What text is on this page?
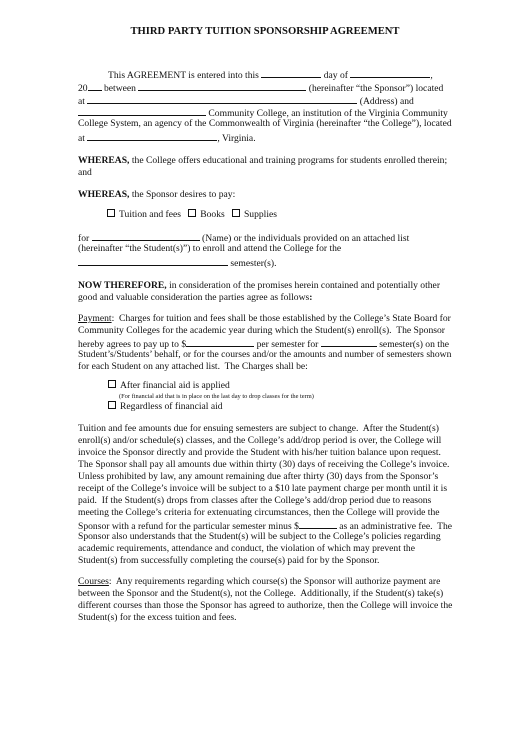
THIRD PARTY TUITION SPONSORSHIP AGREEMENT
This AGREEMENT is entered into this	day of	,
20 between	(hereinafter “the Sponsor”) located
at	(Address) and
Community College, an institution of the Virginia Community
College System, an agency of the Commonwealth of Virginia (hereinafter “the College”), located
at	, Virginia.
WHEREAS, the College offers educational and training programs for students enrolled therein;
and
WHEREAS, the Sponsor desires to pay:
Tuition and fees Books Supplies
for	(Name) or the individuals provided on an attached list
(hereinafter “the Student(s)”) to enroll and attend the College for the
semester(s).
NOW THEREFORE, in consideration of the promises herein contained and potentially other
good and valuable consideration the parties agree as follows:
Payment:  Charges for tuition and fees shall be those established by the College’s State Board for
Community Colleges for the academic year during which the Student(s) enroll(s).  The Sponsor
hereby agrees to pay up to $	per semester for	semester(s) on the
Student’s/Students’ behalf, or for the courses and/or the amounts and number of semesters shown
for each Student on any attached list.  The Charges shall be:
After financial aid is applied
(For financial aid that is in place on the last day to drop classes for the term)
Regardless of financial aid
Tuition and fee amounts due for ensuing semesters are subject to change.  After the Student(s)
enroll(s) and/or schedule(s) classes, and the College’s add/drop period is over, the College will
invoice the Sponsor directly and provide the Student with his/her tuition balance upon request.
The Sponsor shall pay all amounts due within thirty (30) days of receiving the College’s invoice.
Unless prohibited by law, any amount remaining due after thirty (30) days from the Sponsor’s
receipt of the College’s invoice will be subject to a $10 late payment charge per month until it is
paid.  If the Student(s) drops from classes after the College’s add/drop period due to reasons
meeting the College’s criteria for extenuating circumstances, then the College will provide the
Sponsor with a refund for the particular semester minus $	as an administrative fee.  The
Sponsor also understands that the Student(s) will be subject to the College’s policies regarding
academic requirements, attendance and conduct, the violation of which may prevent the
Student(s) from successfully completing the course(s) paid for by the Sponsor.
Courses:  Any requirements regarding which course(s) the Sponsor will authorize payment are
between the Sponsor and the Student(s), not the College.  Additionally, if the Student(s) take(s)
different courses than those the Sponsor has agreed to authorize, then the College will invoice the
Student(s) for the excess tuition and fees.
